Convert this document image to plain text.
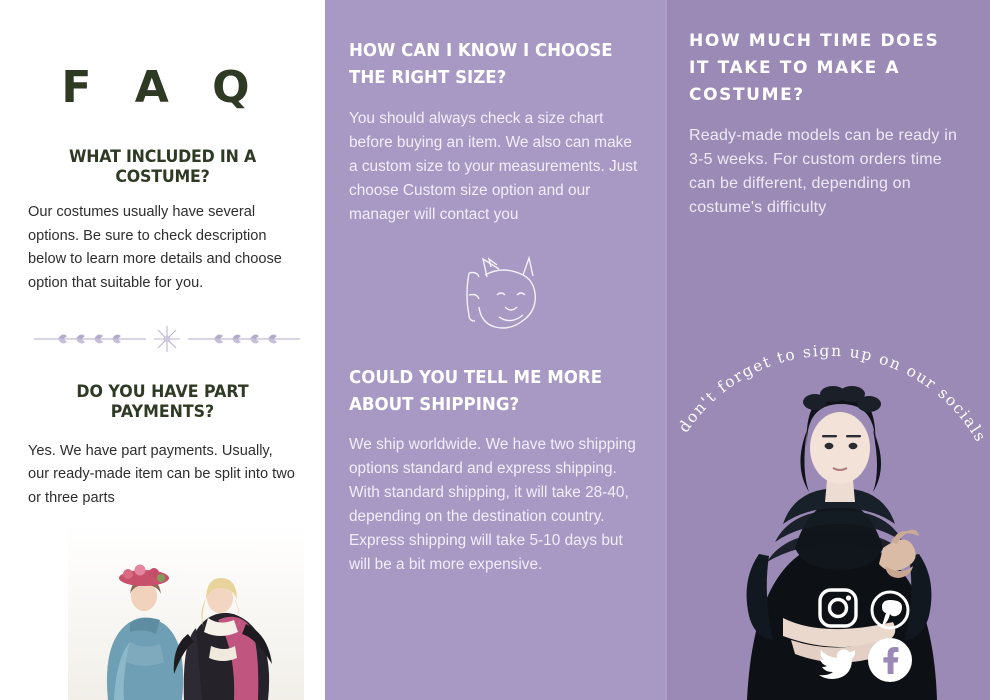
F A Q
WHAT INCLUDED IN A COSTUME?
Our costumes usually have several options. Be sure to check description below to learn more details and choose option that suitable for you.
DO YOU HAVE PART PAYMENTS?
Yes. We have part payments. Usually, our ready-made item can be split into two or three parts
HOW CAN I KNOW I CHOOSE THE RIGHT SIZE?
You should always check a size chart before buying an item. We also can make a custom size to your measurements. Just choose Custom size option and our manager will contact you
COULD YOU TELL ME MORE ABOUT SHIPPING?
We ship worldwide. We have two shipping options standard and express shipping. With standard shipping, it will take 28-40, depending on the destination country. Express shipping will take 5-10 days but will be a bit more expensive.
HOW MUCH TIME DOES IT TAKE TO MAKE A COSTUME?
Ready-made models can be ready in 3-5 weeks. For custom orders time can be different, depending on costume's difficulty
don't forget to sign up on our socials
